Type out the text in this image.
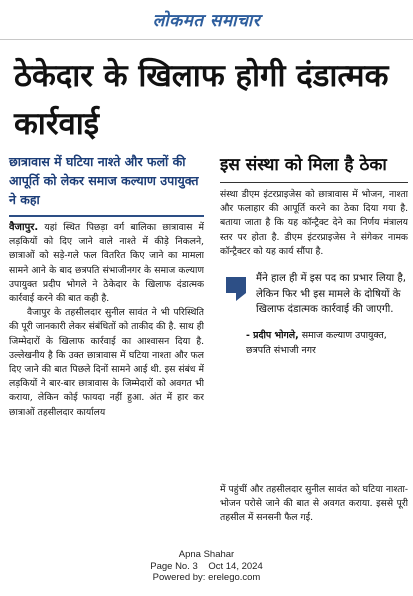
लोकमत समाचार
ठेकेदार के खिलाफ होगी दंडात्मक कार्रवाई
छात्रावास में घटिया नाश्ते और फलों की आपूर्ति को लेकर समाज कल्याण उपायुक्त ने कहा

वैजापुर. यहां स्थित पिछड़ा वर्ग बालिका छात्रावास में लड़कियों को दिए जाने वाले नाश्ते में कीड़े निकलने, छात्राओं को सड़े-गले फल वितरित किए जाने का मामला सामने आने के बाद छत्रपति संभाजीनगर के समाज कल्याण उपायुक्त प्रदीप भोगले ने ठेकेदार के खिलाफ दंडात्मक कार्रवाई करने की बात कही है.

वैजापुर के तहसीलदार सुनील सावंत ने भी परिस्थिति की पूरी जानकारी लेकर संबंधितों को ताकीद की है. साथ ही जिम्मेदारों के खिलाफ कार्रवाई का आश्वासन दिया है. उल्लेखनीय है कि उक्त छात्रावास में घटिया नाश्ता और फल दिए जाने की बात पिछले दिनों सामने आई थी. इस संबंध में लड़कियों ने बार-बार छात्रावास के जिम्मेदारों को अवगत भी कराया, लेकिन कोई फायदा नहीं हुआ. अंत में हार कर छात्राओं तहसीलदार कार्यालय

इस संस्था को मिला है ठेका
संस्था डीएम इंटरप्राइजेस को छात्रावास में भोजन, नाश्ता और फलाहार की आपूर्ति करने का ठेका दिया गया है. बताया जाता है कि यह कॉन्ट्रैक्ट देने का निर्णय मंत्रालय स्तर पर होता है. डीएम इंटरप्राइजेस ने संगेकर नामक कॉन्ट्रैक्टर को यह कार्य सौंपा है.
मैंने हाल ही में इस पद का प्रभार लिया है, लेकिन फिर भी इस मामले के दोषियों के खिलाफ दंडात्मक कार्रवाई की जाएगी.
- प्रदीप भोगले, समाज कल्याण उपायुक्त, छत्रपति संभाजी नगर
में पहुंचीं और तहसीलदार सुनील सावंत को घटिया नाश्ता-भोजन परोसे जाने की बात से अवगत कराया. इससे पूरी तहसील में सनसनी फैल गई.
Apna Shahar
Page No. 3    Oct 14, 2024
Powered by: erelego.com
